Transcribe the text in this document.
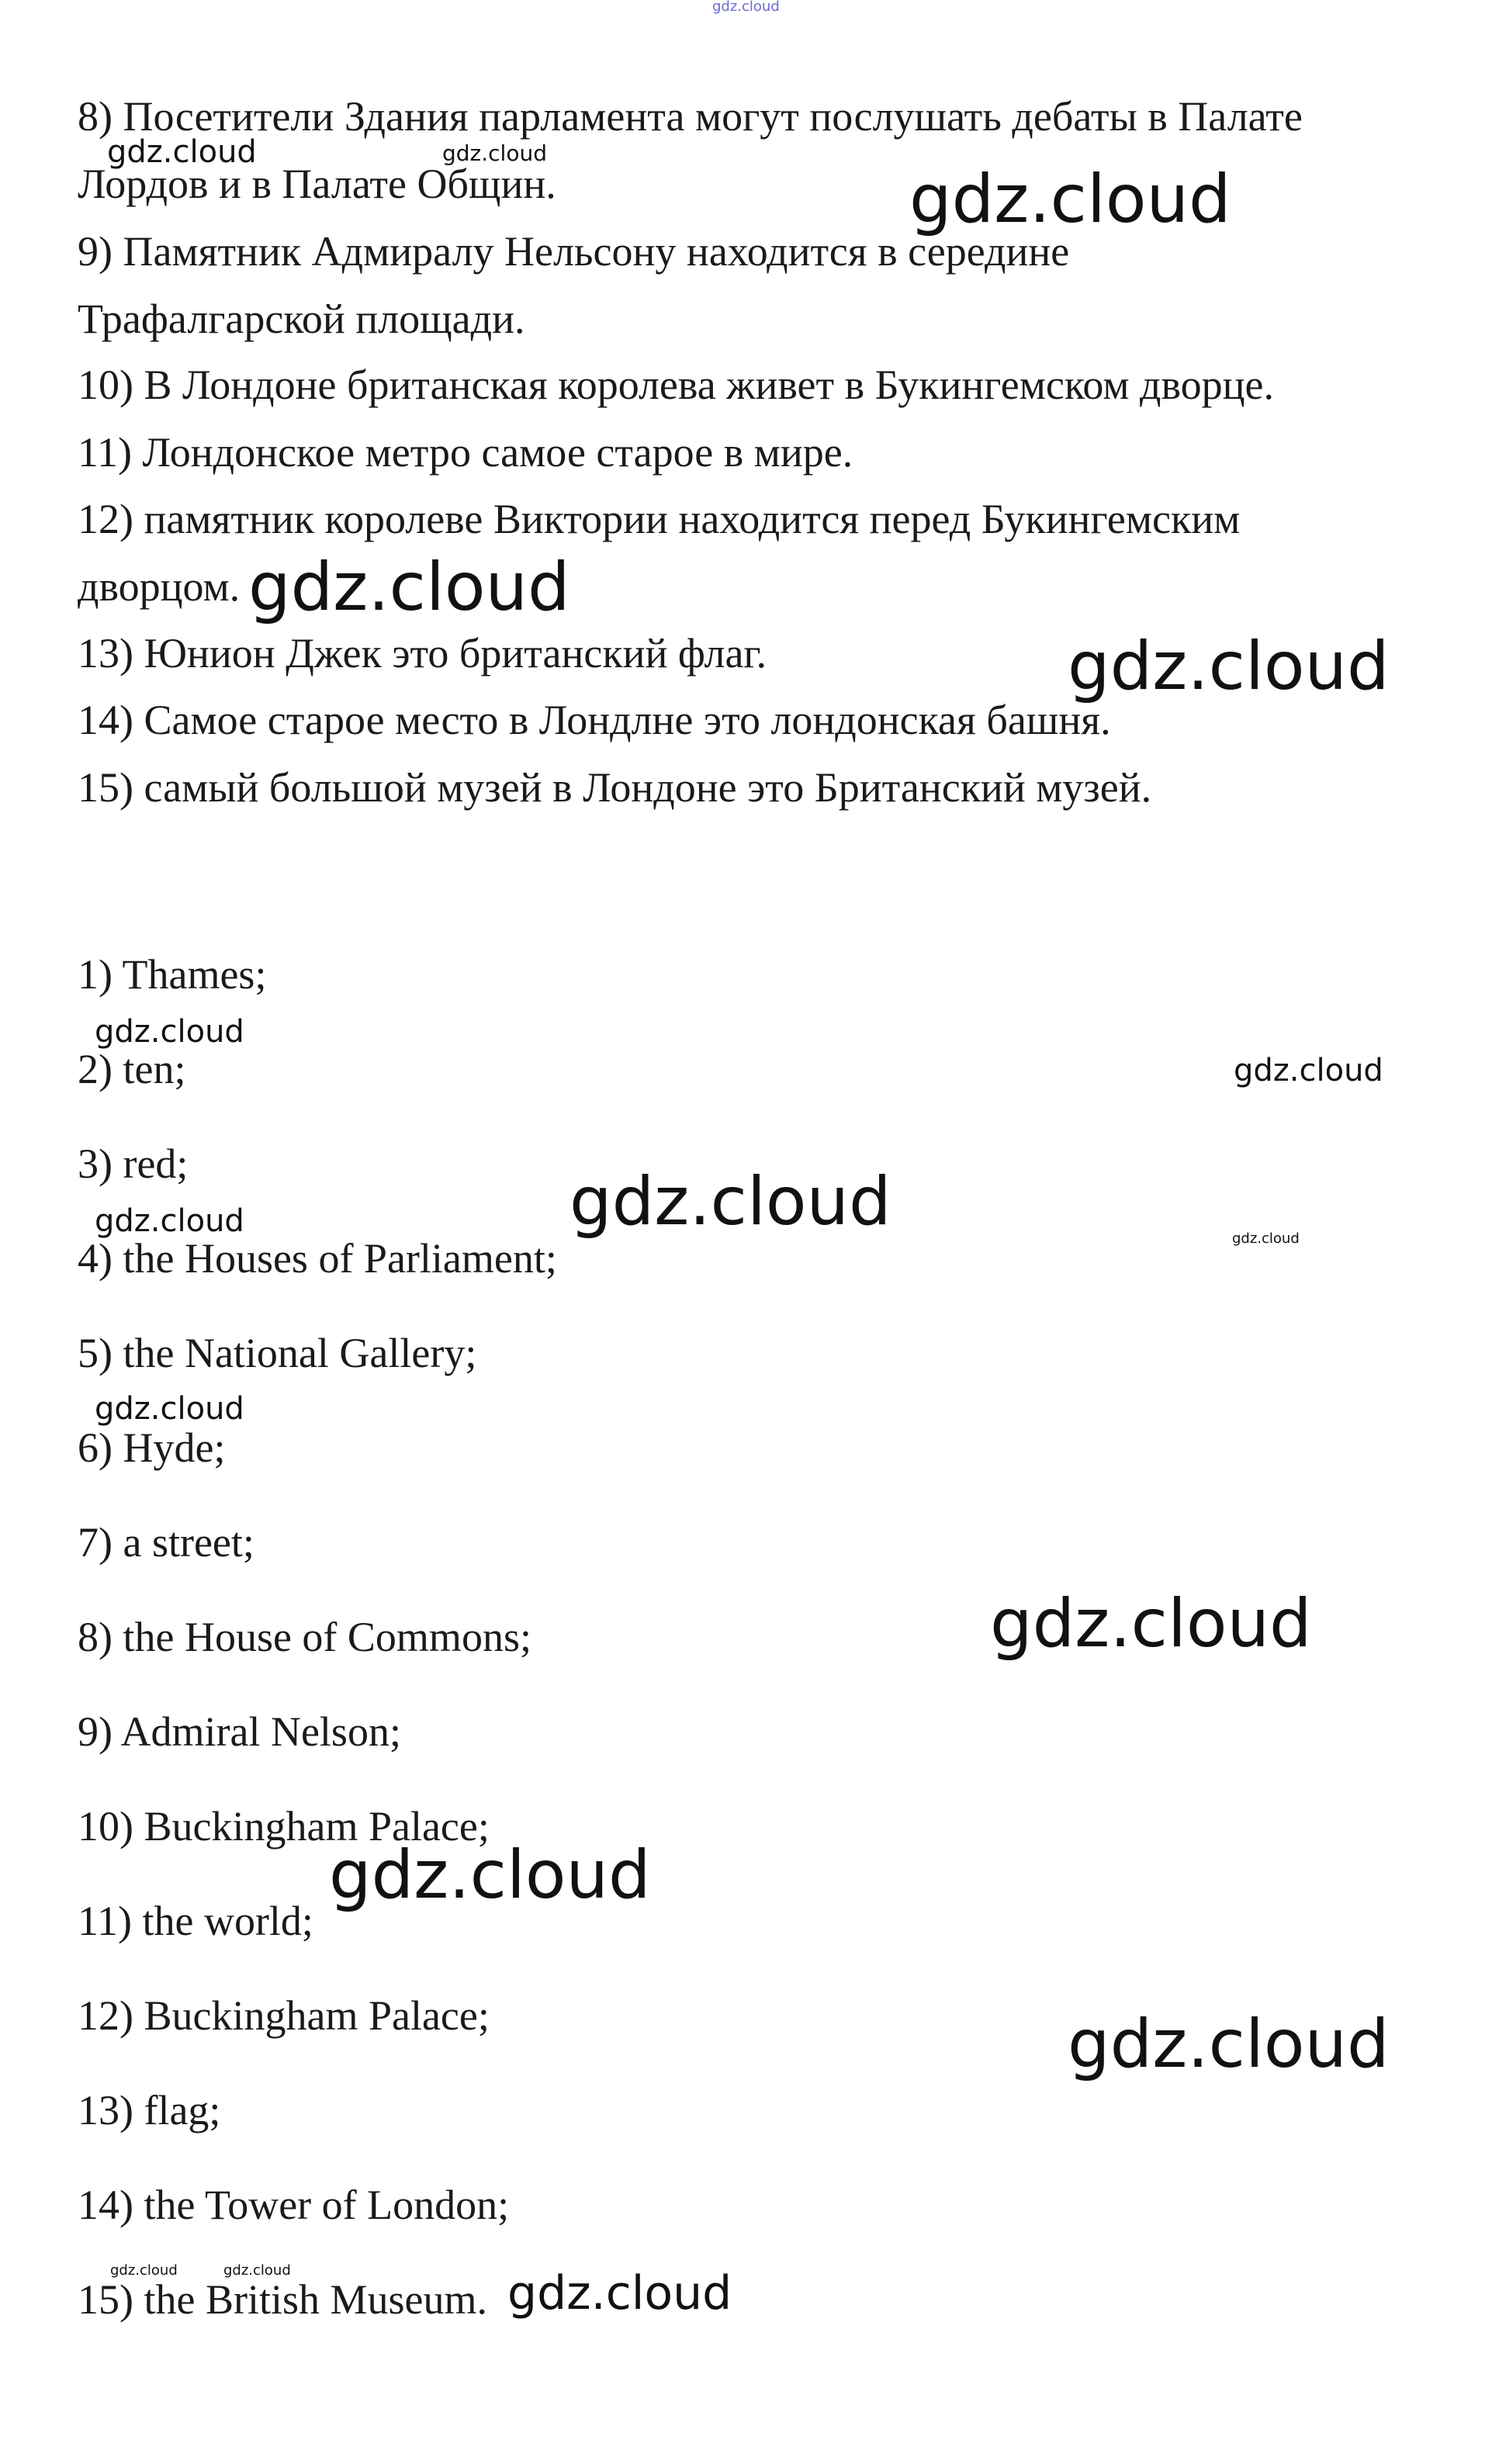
8) Посетители Здания парламента могут послушать дебаты в Палате
Лордов и в Палате Общин.
9) Памятник Адмиралу Нельсону находится в середине
Трафалгарской площади.
10) В Лондоне британская королева живет в Букингемском дворце.
11) Лондонское метро самое старое в мире.
12) памятник королеве Виктории находится перед Букингемским
дворцом.
13) Юнион Джек это британский флаг.
14) Самое старое место в Лондлне это лондонская башня.
15) самый большой музей в Лондоне это Британский музей.
1) Thames;
2) ten;
3) red;
4) the Houses of Parliament;
5) the National Gallery;
6) Hyde;
7) a street;
8) the House of Commons;
9) Admiral Nelson;
10) Buckingham Palace;
11) the world;
12) Buckingham Palace;
13) flag;
14) the Tower of London;
15) the British Museum.
gdz.cloud
gdz.cloud	gdz.cloud
gdz.cloud
gdz.cloud
gdz.cloud
gdz.cloud
gdz.cloud
gdz.cloud	gdz.cloud	gdz.cloud
gdz.cloud
gdz.cloud
gdz.cloud
gdz.cloud
gdz.cloud	gdz.cloud	gdz.cloud
